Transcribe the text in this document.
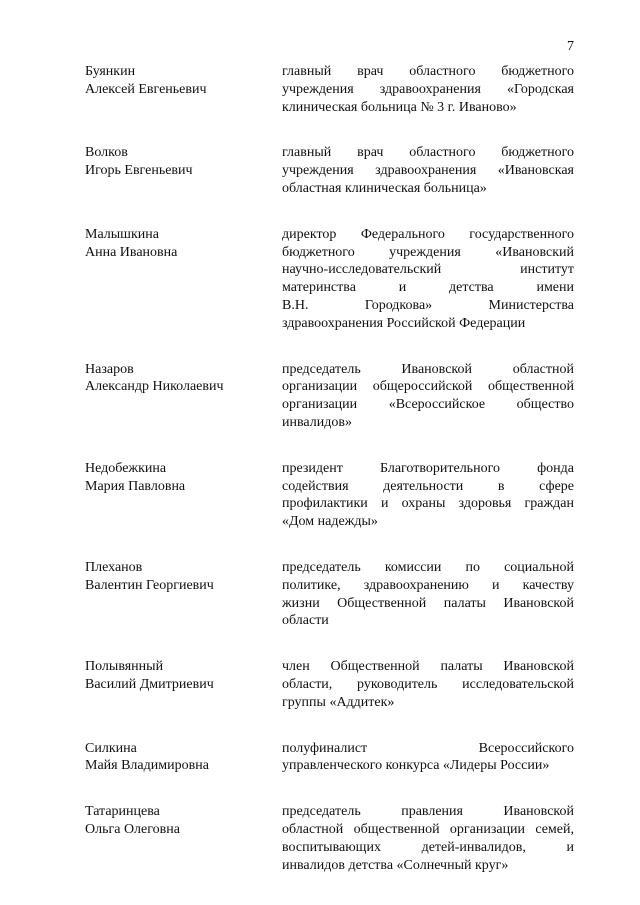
7
Буянкин
Алексей Евгеньевич
главный врач областного бюджетного
учреждения здравоохранения «Городская
клиническая больница № 3 г. Иваново»
Волков
Игорь Евгеньевич
главный врач областного бюджетного
учреждения здравоохранения «Ивановская
областная клиническая больница»
Малышкина
Анна Ивановна
директор Федерального государственного
бюджетного учреждения «Ивановский
научно-исследовательский институт
материнства и детства имени
В.Н. Городкова» Министерства
здравоохранения Российской Федерации
Назаров
Александр Николаевич
председатель Ивановской областной
организации общероссийской общественной
организации «Всероссийское общество
инвалидов»
Недобежкина
Мария Павловна
президент Благотворительного фонда
содействия деятельности в сфере
профилактики и охраны здоровья граждан
«Дом надежды»
Плеханов
Валентин Георгиевич
председатель комиссии по социальной
политике, здравоохранению и качеству
жизни Общественной палаты Ивановской
области
Полывянный
Василий Дмитриевич
член Общественной палаты Ивановской
области, руководитель исследовательской
группы «Аддитек»
Силкина
Майя Владимировна
полуфиналист Всероссийского
управленческого конкурса «Лидеры России»
Татаринцева
Ольга Олеговна
председатель правления Ивановской
областной общественной организации семей,
воспитывающих детей-инвалидов, и
инвалидов детства «Солнечный круг»
